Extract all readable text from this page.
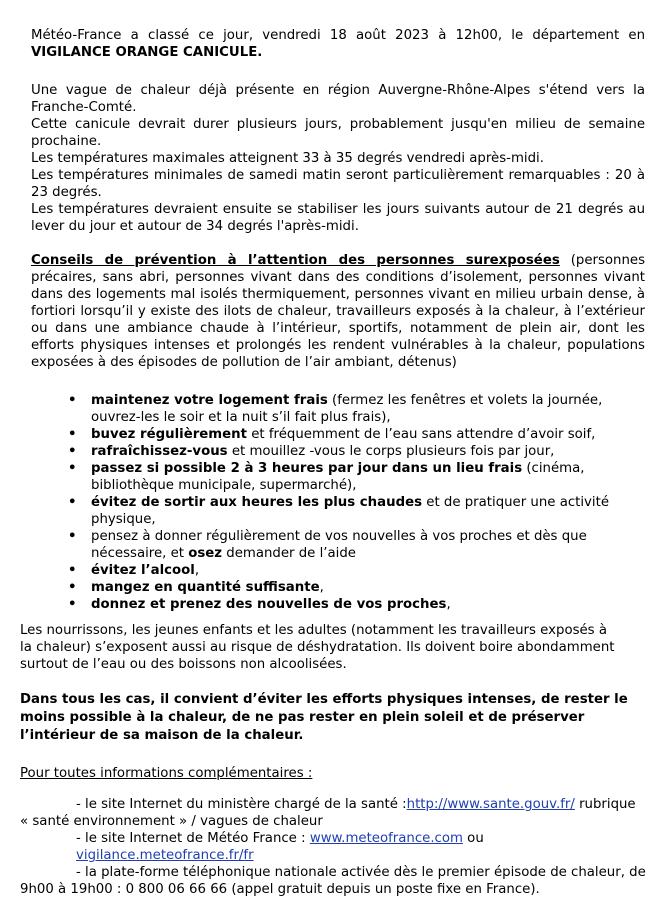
Météo-France a classé ce jour, vendredi 18 août 2023 à 12h00, le département en VIGILANCE ORANGE CANICULE.
Une vague de chaleur déjà présente en région Auvergne-Rhône-Alpes s'étend vers la Franche-Comté.
Cette canicule devrait durer plusieurs jours, probablement jusqu'en milieu de semaine prochaine.
Les températures maximales atteignent 33 à 35 degrés vendredi après-midi.
Les températures minimales de samedi matin seront particulièrement remarquables : 20 à 23 degrés.
Les températures devraient ensuite se stabiliser les jours suivants autour de 21 degrés au lever du jour et autour de 34 degrés l'après-midi.
Conseils de prévention à l’attention des personnes surexposées (personnes précaires, sans abri, personnes vivant dans des conditions d’isolement, personnes vivant dans des logements mal isolés thermiquement, personnes vivant en milieu urbain dense, à fortiori lorsqu’il y existe des ilots de chaleur, travailleurs exposés à la chaleur, à l’extérieur ou dans une ambiance chaude à l’intérieur, sportifs, notamment de plein air, dont les efforts physiques intenses et prolongés les rendent vulnérables à la chaleur, populations exposées à des épisodes de pollution de l’air ambiant, détenus)
• maintenez votre logement frais (fermez les fenêtres et volets la journée, ouvrez-les le soir et la nuit s’il fait plus frais),
• buvez régulièrement et fréquemment de l’eau sans attendre d’avoir soif,
• rafraîchissez-vous et mouillez -vous le corps plusieurs fois par jour,
• passez si possible 2 à 3 heures par jour dans un lieu frais (cinéma, bibliothèque municipale, supermarché),
• évitez de sortir aux heures les plus chaudes et de pratiquer une activité physique,
• pensez à donner régulièrement de vos nouvelles à vos proches et dès que nécessaire, et osez demander de l’aide
• évitez l’alcool,
• mangez en quantité suffisante,
• donnez et prenez des nouvelles de vos proches,
Les nourrissons, les jeunes enfants et les adultes (notamment les travailleurs exposés à la chaleur) s’exposent aussi au risque de déshydratation. Ils doivent boire abondamment surtout de l’eau ou des boissons non alcoolisées.
Dans tous les cas, il convient d’éviter les efforts physiques intenses, de rester le moins possible à la chaleur, de ne pas rester en plein soleil et de préserver l’intérieur de sa maison de la chaleur.
Pour toutes informations complémentaires :
- le site Internet du ministère chargé de la santé :http://www.sante.gouv.fr/ rubrique
« santé environnement » / vagues de chaleur
- le site Internet de Météo France : www.meteofrance.com ou vigilance.meteofrance.fr/fr
- la plate-forme téléphonique nationale activée dès le premier épisode de chaleur, de
9h00 à 19h00 : 0 800 06 66 66 (appel gratuit depuis un poste fixe en France).
